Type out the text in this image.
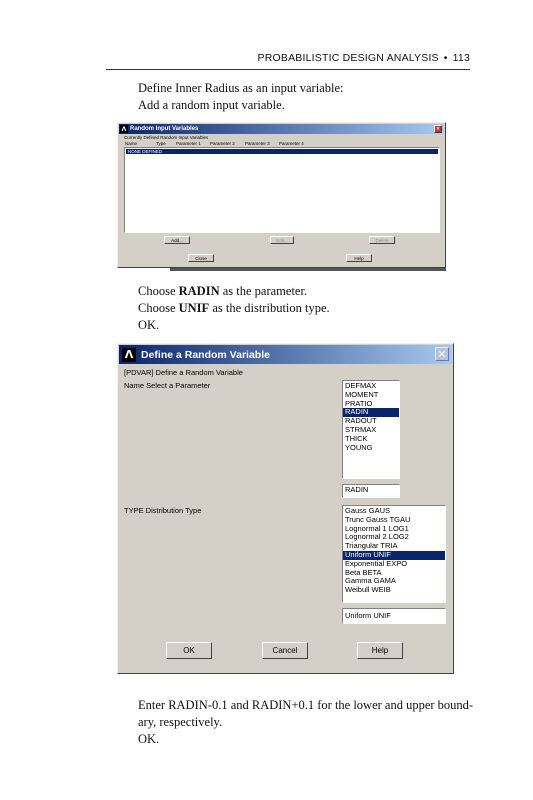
PROBABILISTIC DESIGN ANALYSIS • 113
Define Inner Radius as an input variable:
Add a random input variable.
Λ Random Input Variables	×
Currently Defined Random Input Variables
Name	Type Parameter 1 Parameter 2 Parameter 3 Parameter 4
NONE DEFINED
Add...	Edit...	Delete
Close	Help
Choose RADIN as the parameter.
Choose UNIF as the distribution type.
OK.
Λ Define a Random Variable	×
[PDVAR] Define a Random Variable
Name Select a Parameter	DEFMAX
MOMENT
PRATIO
RADIN
RADOUT
STRMAX
THICK
YOUNG
RADIN
TYPE Distribution Type	Gauss GAUS
Trunc Gauss TGAU
Lognormal 1 LOG1
Lognormal 2 LOG2
Triangular TRIA
Uniform UNIF
Exponential EXPO
Beta BETA
Gamma GAMA
Weibull WEIB
Uniform UNIF
OK	Cancel	Help
Enter RADIN-0.1 and RADIN+0.1 for the lower and upper bound-
ary, respectively.
OK.
